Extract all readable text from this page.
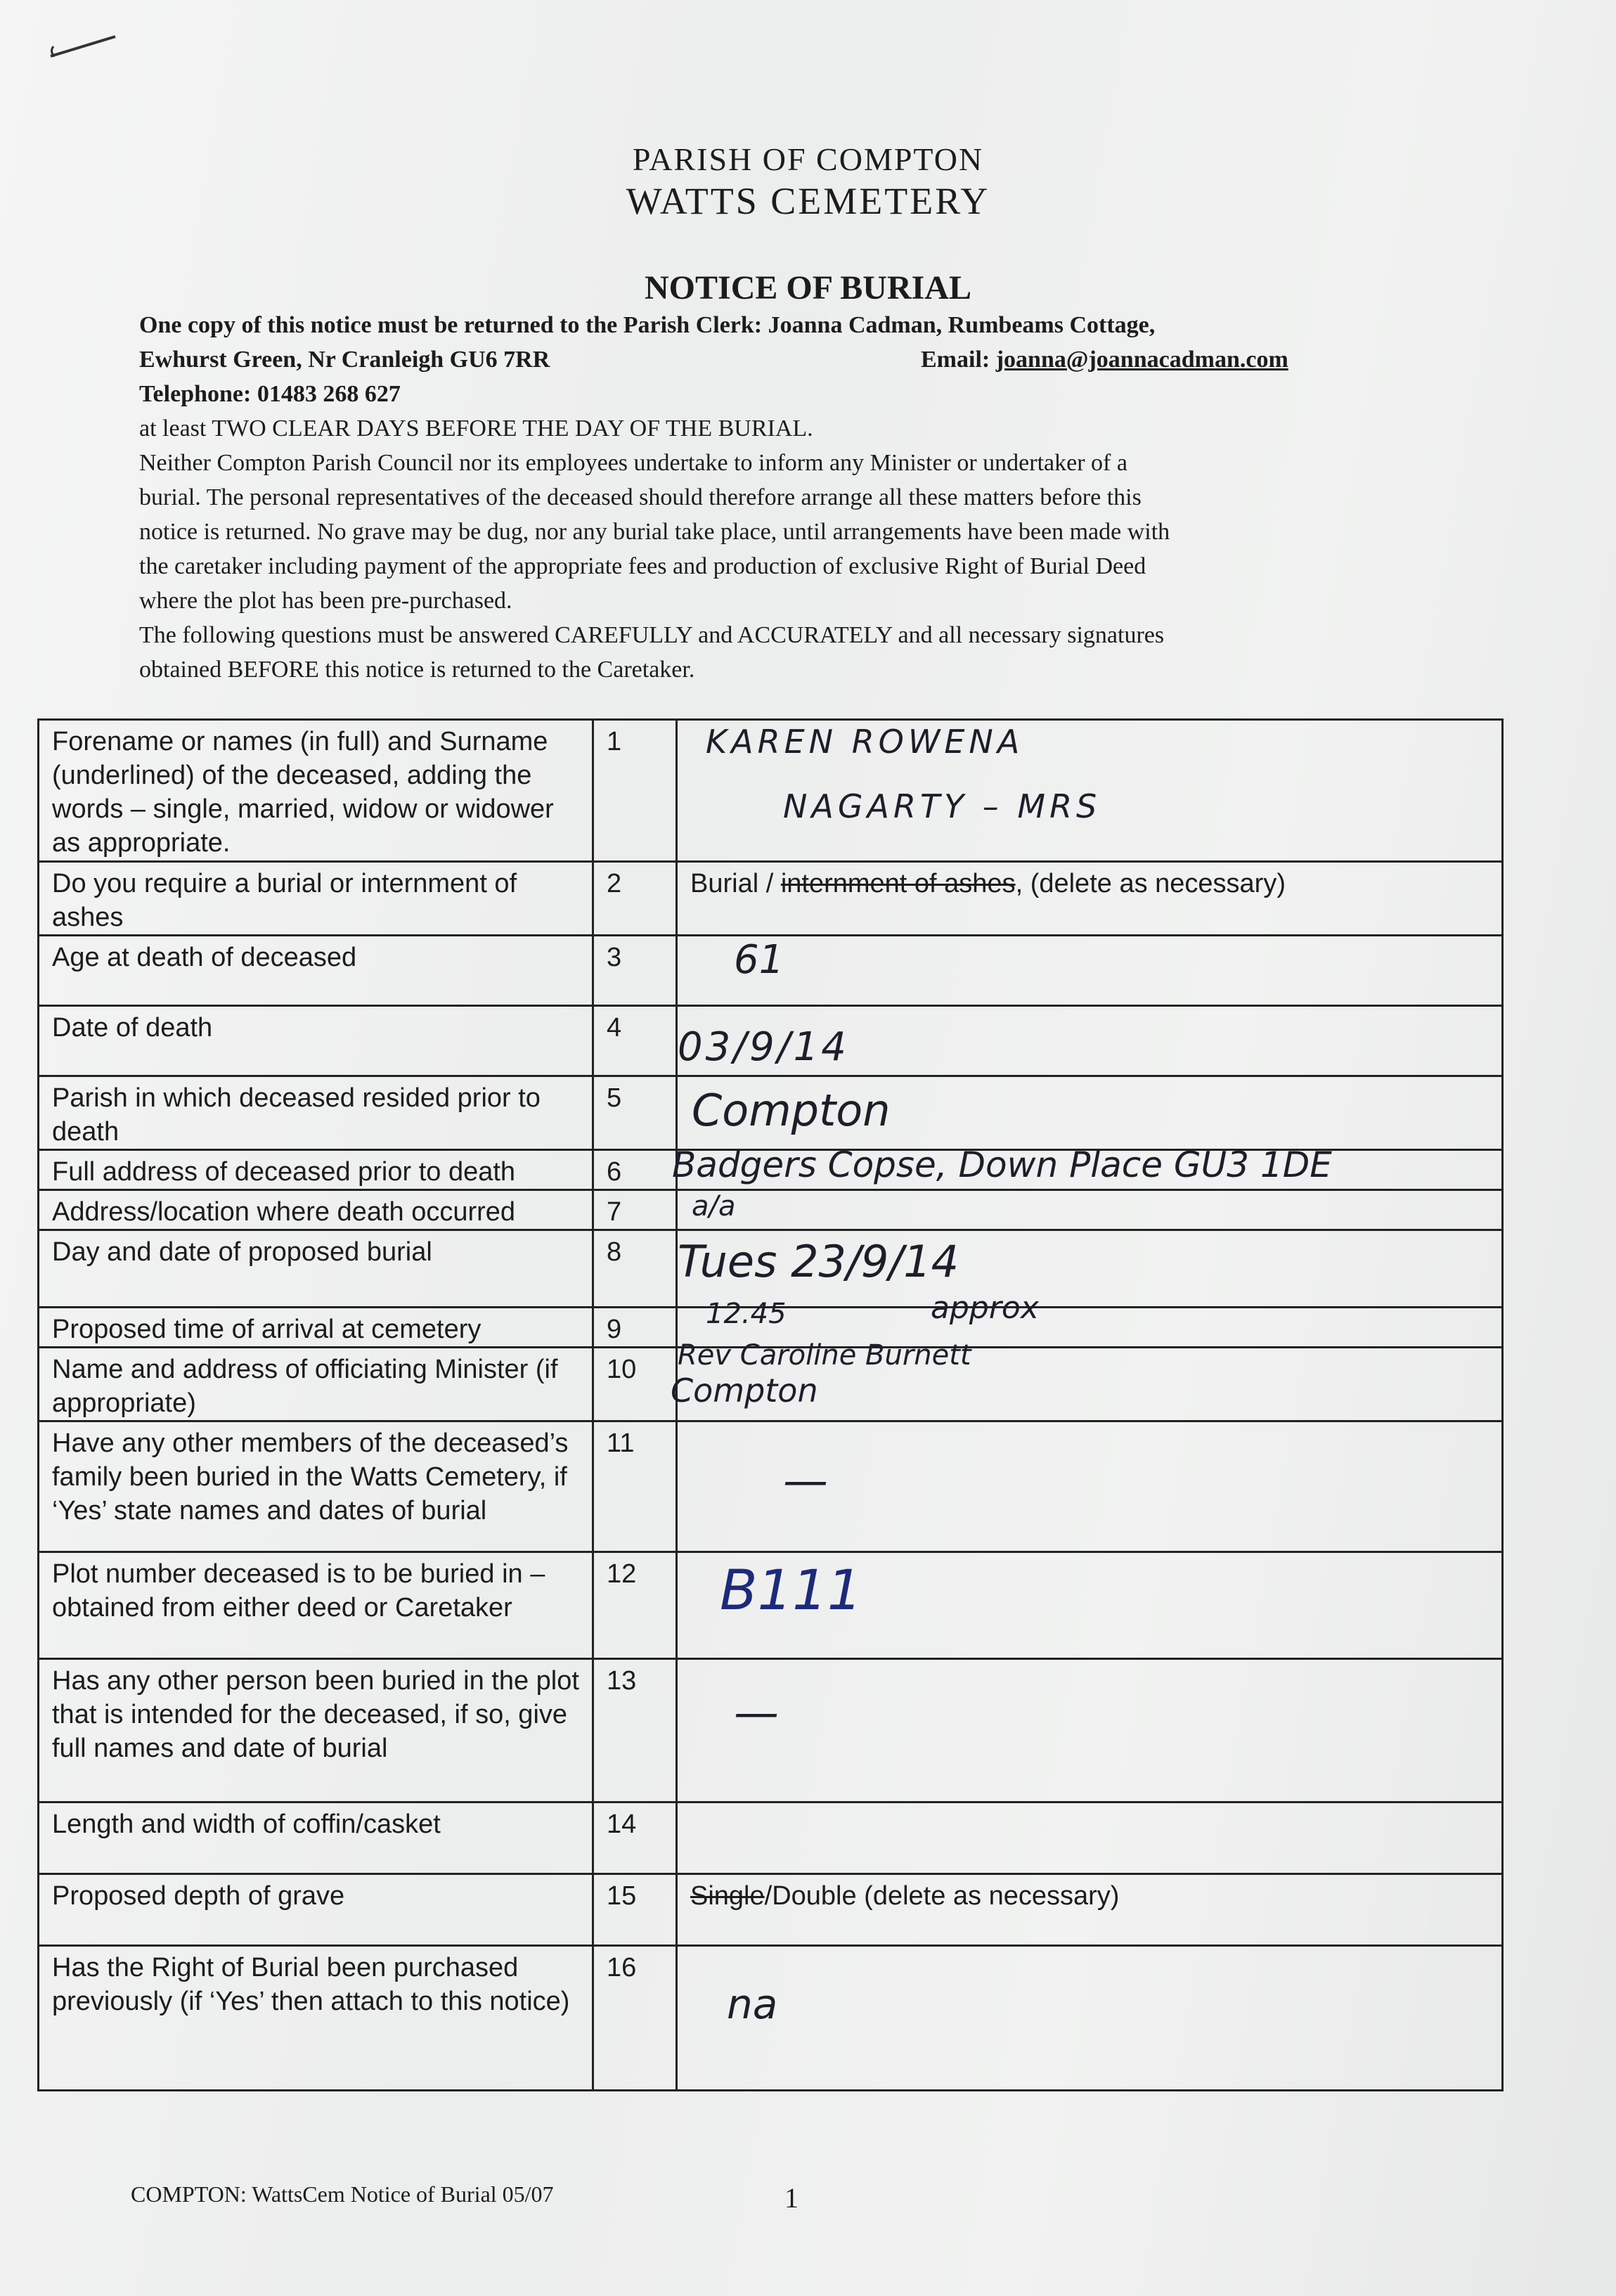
PARISH OF COMPTON
WATTS CEMETERY
NOTICE OF BURIAL
One copy of this notice must be returned to the Parish Clerk: Joanna Cadman, Rumbeams Cottage,
Ewhurst Green, Nr Cranleigh GU6 7RR	Email: joanna@joannacadman.com
Telephone: 01483 268 627
at least TWO CLEAR DAYS BEFORE THE DAY OF THE BURIAL.
Neither Compton Parish Council nor its employees undertake to inform any Minister or undertaker of a
burial. The personal representatives of the deceased should therefore arrange all these matters before this
notice is returned. No grave may be dug, nor any burial take place, until arrangements have been made with
the caretaker including payment of the appropriate fees and production of exclusive Right of Burial Deed
where the plot has been pre-purchased.
The following questions must be answered CAREFULLY and ACCURATELY and all necessary signatures
obtained BEFORE this notice is returned to the Caretaker.
Forename or names (in full) and Surname (underlined) of the deceased, adding the words – single, married, widow or widower as appropriate.	1	KAREN ROWENA
NAGARTY – MRS

Do you require a burial or internment of ashes	2	Burial / internment of ashes, (delete as necessary)
Age at death of deceased	3	61

Date of death	4	03/9/14

Parish in which deceased resided prior to death	5	Compton

Full address of deceased prior to death	6	Badgers Copse, Down Place GU3 1DE

Address/location where death occurred	7	a/a

Day and date of proposed burial	8	Tues 23/9/14

Proposed time of arrival at cemetery	9	12.45 approx

Name and address of officiating Minister (if appropriate)	10	Rev Caroline Burnett
Compton

Have any other members of the deceased’s family been buried in the Watts Cemetery, if ‘Yes’ state names and dates of burial	11	—

Plot number deceased is to be buried in – obtained from either deed or Caretaker	12	B111

Has any other person been buried in the plot that is intended for the deceased, if so, give full names and date of burial	13	—

Length and width of coffin/casket	14	
Proposed depth of grave	15	Single/Double (delete as necessary)
Has the Right of Burial been purchased previously (if ‘Yes’ then attach to this notice)	16	na
COMPTON: WattsCem Notice of Burial 05/07	1
